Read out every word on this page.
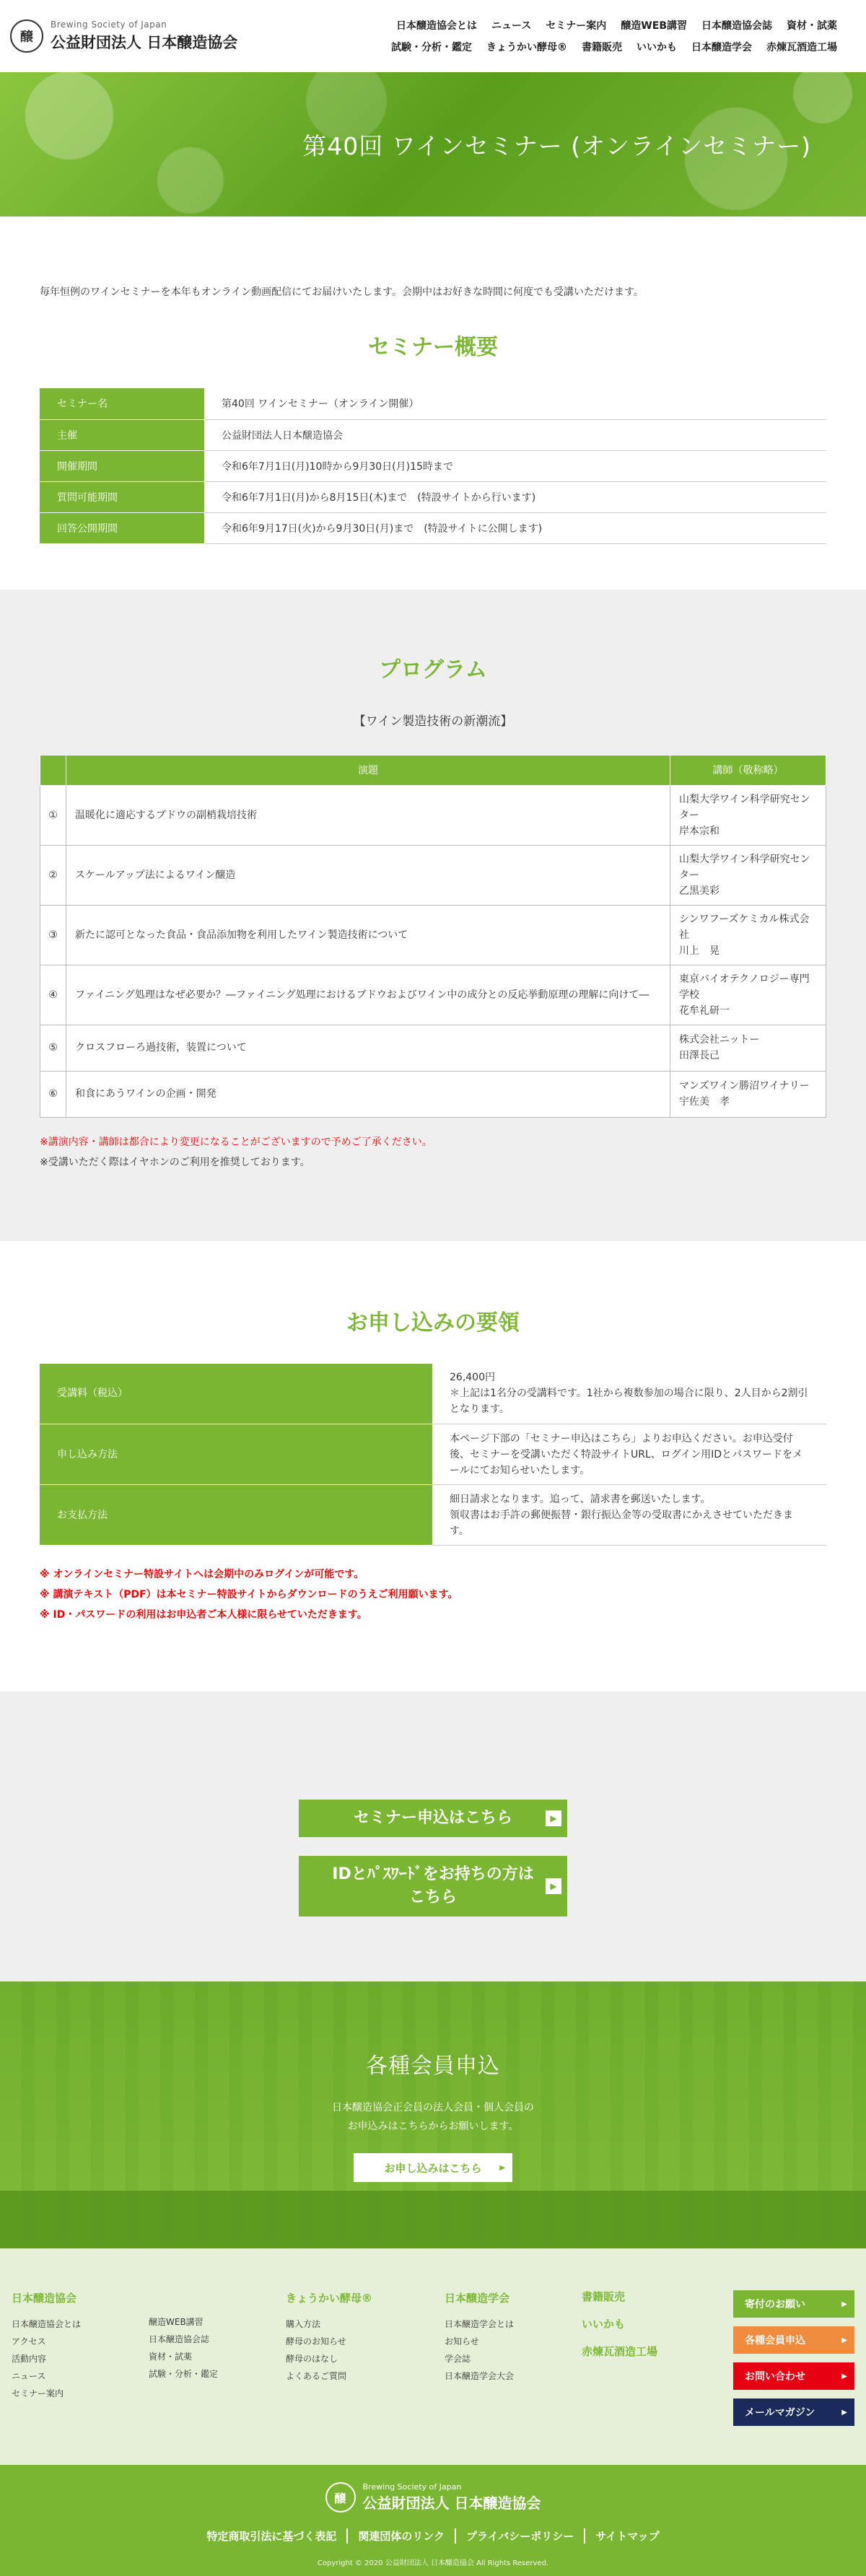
醸
Brewing Society of Japan
公益財団法人 日本醸造協会
日本醸造協会とは ニュース セミナー案内 醸造WEB講習 日本醸造協会誌 資材・試薬
試験・分析・鑑定 きょうかい酵母® 書籍販売 いいかも 日本醸造学会 赤煉瓦酒造工場
第40回 ワインセミナー (オンラインセミナー)

毎年恒例のワインセミナーを本年もオンライン動画配信にてお届けいたします。会期中はお好きな時間に何度でも受講いただけます。

セミナー概要
セミナー名	第40回 ワインセミナー（オンライン開催）
主催	公益財団法人日本醸造協会
開催期間	令和6年7月1日(月)10時から9月30日(月)15時まで
質問可能期間	令和6年7月1日(月)から8月15日(木)まで　(特設サイトから行います)
回答公開期間	令和6年9月17日(火)から9月30日(月)まで　(特設サイトに公開します)
プログラム

【ワイン製造技術の新潮流】

	演題	講師（敬称略）
①	温暖化に適応するブドウの副梢栽培技術	山梨大学ワイン科学研究センター
岸本宗和

②	スケールアップ法によるワイン醸造	山梨大学ワイン科学研究センター
乙黒美彩

③	新たに認可となった食品・食品添加物を利用したワイン製造技術について	シンワフーズケミカル株式会社
川上　晃

④	ファイニング処理はなぜ必要か？―ファイニング処理におけるブドウおよびワイン中の成分との反応挙動原理の理解に向けて―	東京バイオテクノロジー専門学校
花牟礼研一

⑤	クロスフローろ過技術，装置について	株式会社ニットー
田澤長己

⑥	和食にあうワインの企画・開発	マンズワイン勝沼ワイナリー
宇佐美　孝

※講演内容・講師は都合により変更になることがございますので予めご了承ください。

※受講いただく際はイヤホンのご利用を推奨しております。

お申し込みの要領
受講料（税込）	26,400円
＊上記は1名分の受講料です。1社から複数参加の場合に限り、2人目から2割引となります。

申し込み方法	本ページ下部の「セミナー申込はこちら」よりお申込ください。お申込受付後、セミナーを受講いただく特設サイトURL、ログイン用IDとパスワードをメールにてお知らせいたします。
お支払方法	細日請求となります。追って、請求書を郵送いたします。
領収書はお手許の郵便振替・銀行振込金等の受取書にかえさせていただきます。

※ オンラインセミナー特設サイトへは会期中のみログインが可能です。

※ 講演テキスト（PDF）は本セミナー特設サイトからダウンロードのうえご利用願います。

※ ID・パスワードの利用はお申込者ご本人様に限らせていただきます。

セミナー申込はこちら	▶
IDとﾊﾟｽﾜｰﾄﾞをお持ちの方はこちら
▶
各種会員申込

日本醸造協会正会員の法人会員・個人会員の
お申込みはこちらからお願いします。

お申し込みはこちら ▶
日本醸造協会
日本醸造協会とは
アクセス
活動内容
ニュース
セミナー案内
醸造WEB講習
日本醸造協会誌
資材・試薬
試験・分析・鑑定
きょうかい酵母®
購入方法
酵母のお知らせ
酵母のはなし
よくあるご質問
日本醸造学会
日本醸造学会とは
お知らせ
学会誌
日本醸造学会大会
書籍販売
いいかも
赤煉瓦酒造工場
寄付のお願い	▶
各種会員申込	▶
お問い合わせ	▶
メールマガジン	▶
醸
Brewing Society of Japan
公益財団法人 日本醸造協会
特定商取引法に基づく表記	関連団体のリンク	プライバシーポリシー	サイトマップ
Copyright © 2020 公益財団法人 日本醸造協会 All Rights Reserved.
